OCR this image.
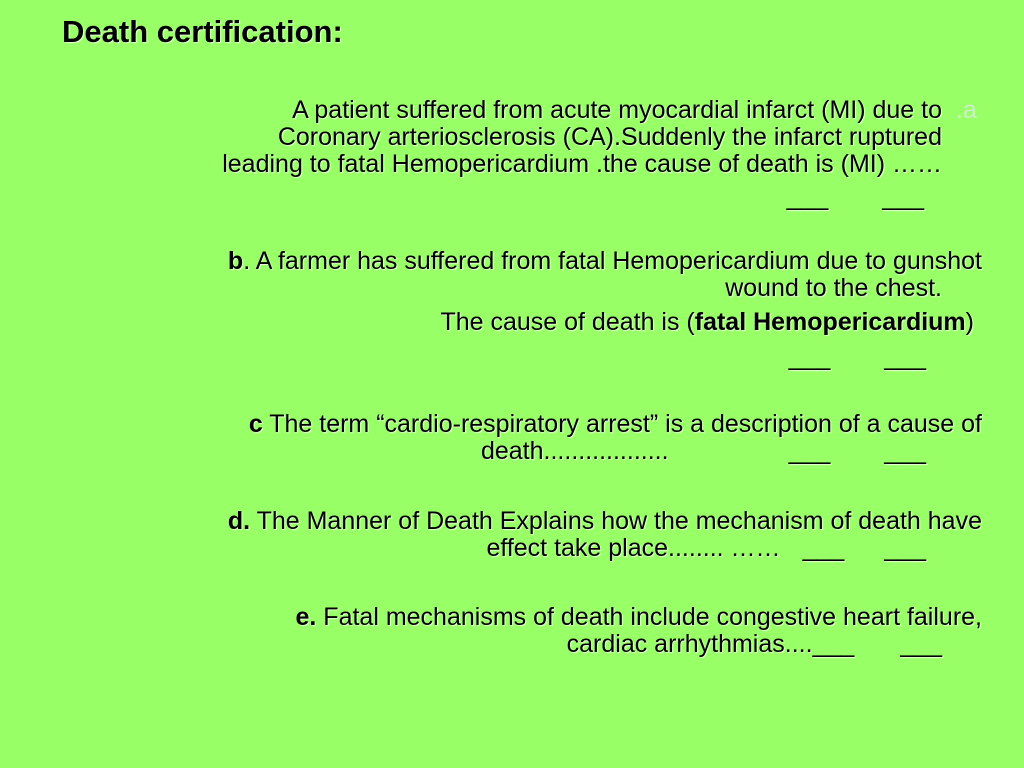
Death certification:
A patient suffered from acute myocardial infarct (MI) due to
Coronary arteriosclerosis (CA).Suddenly the infarct ruptured
leading to fatal Hemopericardium .the cause of death is (MI) ……
___ ___
.a
b. A farmer has suffered from fatal Hemopericardium due to gunshot
wound to the chest.
The cause of death is (fatal Hemopericardium)
___ ___
c The term “cardio-respiratory arrest” is a description of a cause of
death..................	___ ___
d. The Manner of Death Explains how the mechanism of death have
effect take place........ …… ___ ___
e. Fatal mechanisms of death include congestive heart failure,
cardiac arrhythmias....___ ___
